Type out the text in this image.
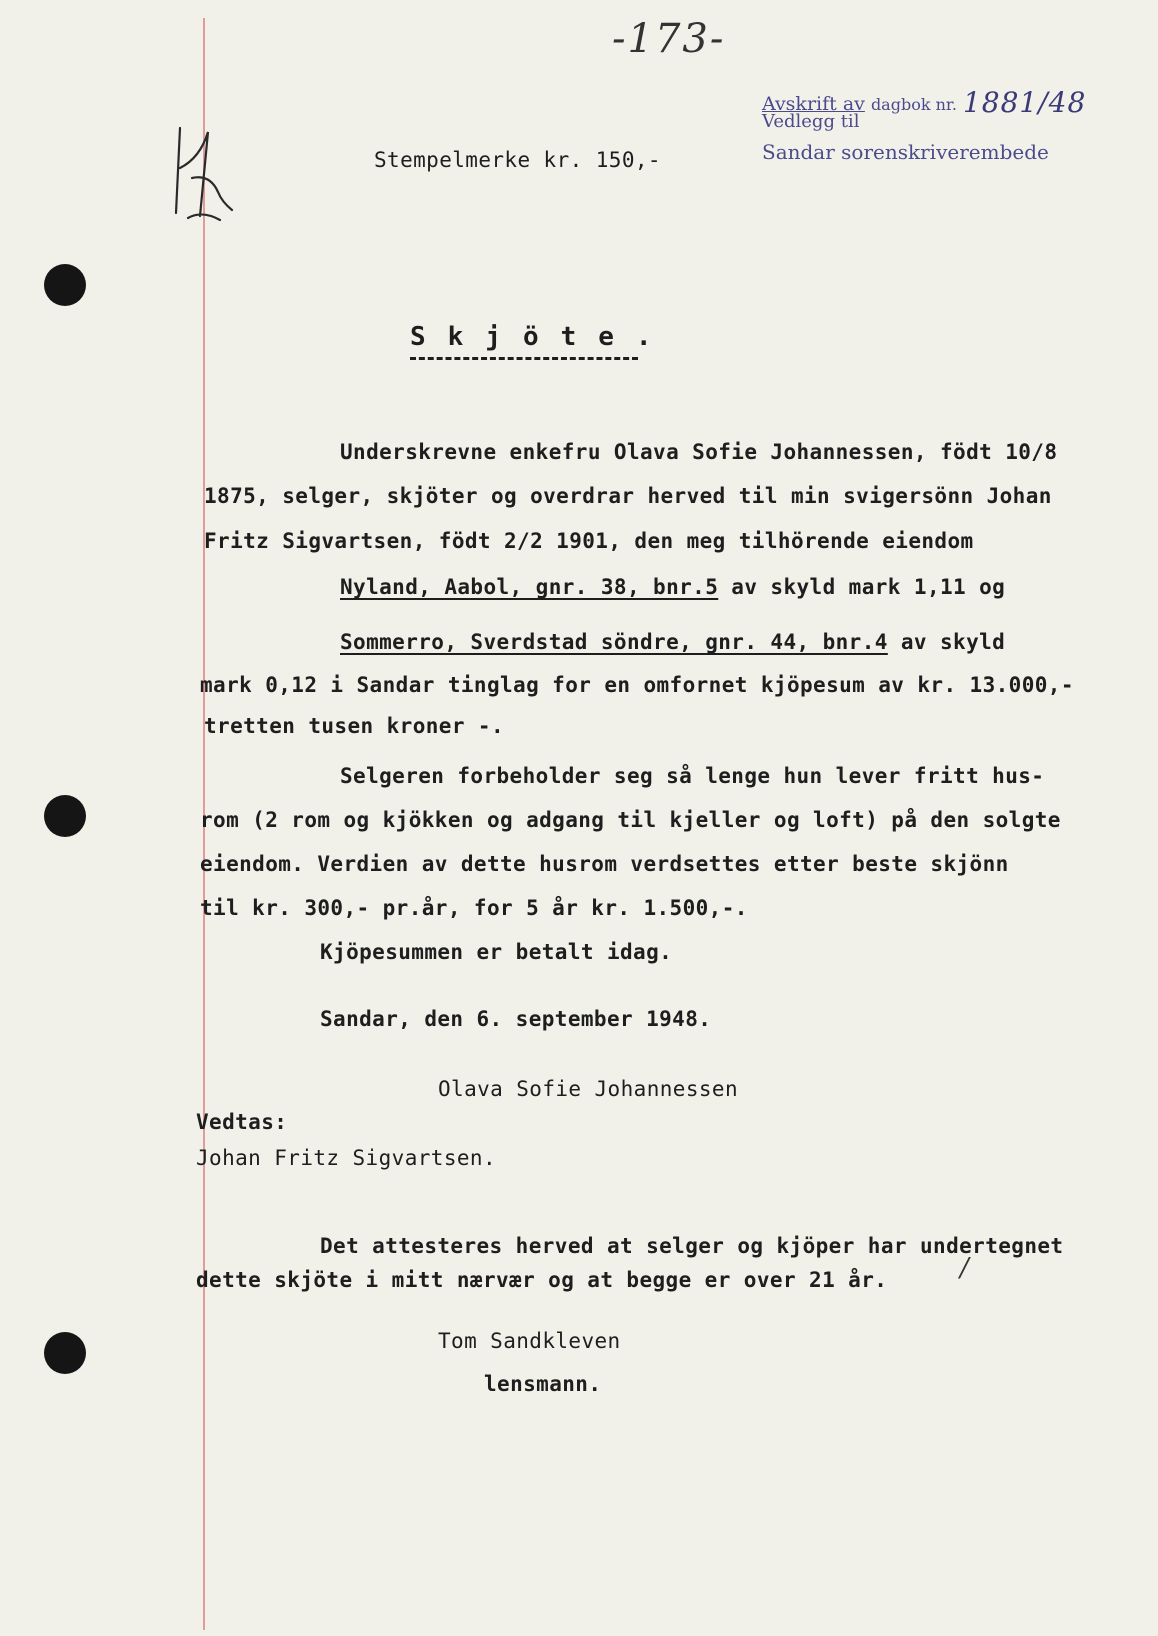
-173-
Avskrift av dagbok nr. 1881/48
Vedlegg til
Sandar sorenskriverembede
Stempelmerke kr. 150,-
Skjöte.
Underskrevne enkefru Olava Sofie Johannessen, födt 10/8
1875, selger, skjöter og overdrar herved til min svigersönn Johan
Fritz Sigvartsen, födt 2/2 1901, den meg tilhörende eiendom
Nyland, Aabol, gnr. 38, bnr.5 av skyld mark 1,11 og
Sommerro, Sverdstad söndre, gnr. 44, bnr.4 av skyld
mark 0,12 i Sandar tinglag for en omfornet kjöpesum av kr. 13.000,-
tretten tusen kroner -.
Selgeren forbeholder seg så lenge hun lever fritt hus-
rom (2 rom og kjökken og adgang til kjeller og loft) på den solgte
eiendom. Verdien av dette husrom verdsettes etter beste skjönn
til kr. 300,- pr.år, for 5 år kr. 1.500,-.
Kjöpesummen er betalt idag.
Sandar, den 6. september 1948.
Olava Sofie Johannessen
Vedtas:
Johan Fritz Sigvartsen.
Det attesteres herved at selger og kjöper har undertegnet
dette skjöte i mitt nærvær og at begge er over 21 år.	/
Tom Sandkleven
lensmann.
